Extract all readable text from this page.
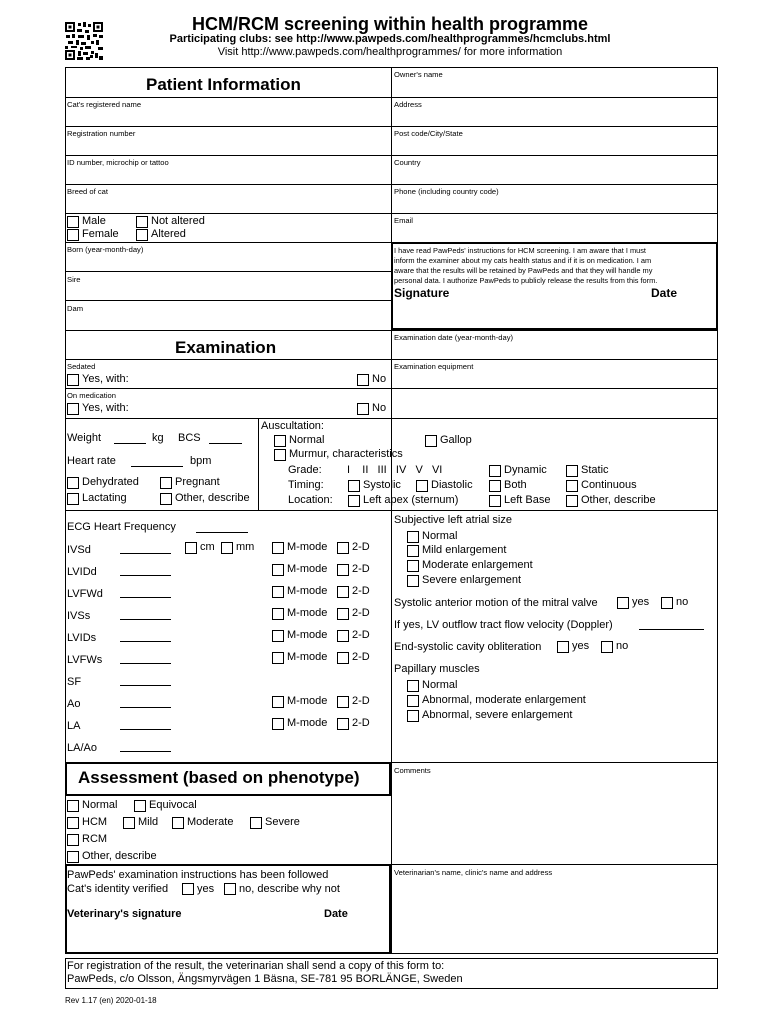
HCM/RCM screening within health programme
Participating clubs: see http://www.pawpeds.com/healthprogrammes/hcmclubs.html
Visit http://www.pawpeds.com/healthprogrammes/ for more information
Patient Information
Cat's registered name
Registration number
ID number, microchip or tattoo
Breed of cat
Male
Female
Not altered
Altered
Born (year-month-day)
Sire
Dam
Owner's name
Address
Post code/City/State
Country
Phone (including country code)
Email
I have read PawPeds' instructions for HCM screening. I am aware that I must
inform the examiner about my cats health status and if it is on medication. I am
aware that the results will be retained by PawPeds and that they will handle my
personal data. I authorize PawPeds to publicly release the results from this form.
Signature	Date
Examination
Examination date (year-month-day)
Examination equipment
Sedated
Yes, with:	No
On medication
Yes, with:	No
Weight	kg BCS
Heart rate	bpm
Dehydrated	Pregnant
Lactating	Other, describe
Auscultation:
Normal	Gallop
Murmur, characteristics
Grade: I    II   III   IV   V   VI	Dynamic	Static
Timing:	Systolic	Diastolic	Both	Continuous
Location:	Left apex (sternum)	Left Base	Other, describe
ECG Heart Frequency
IVSd	cm mm	M-mode 2-D
LVIDd	M-mode 2-D
LVFWd	M-mode 2-D
IVSs	M-mode 2-D
LVIDs	M-mode 2-D
LVFWs	M-mode 2-D
SF
Ao	M-mode 2-D
LA	M-mode 2-D
LA/Ao
Subjective left atrial size
Normal
Mild enlargement
Moderate enlargement
Severe enlargement
Systolic anterior motion of the mitral valve	yes no
If yes, LV outflow tract flow velocity (Doppler)
End-systolic cavity obliteration	yes no
Papillary muscles
Normal
Abnormal, moderate enlargement
Abnormal, severe enlargement
Assessment (based on phenotype)	Comments
Normal	Equivocal
HCM	Mild	Moderate	Severe
RCM
Other, describe
PawPeds' examination instructions has been followed
Cat's identity verified	yes no, describe why not
Veterinary's signature	Date
Veterinarian's name, clinic's name and address
For registration of the result, the veterinarian shall send a copy of this form to:
PawPeds, c/o Olsson, Ängsmyrvägen 1 Bäsna, SE-781 95 BORLÄNGE, Sweden
Rev 1.17 (en) 2020-01-18
